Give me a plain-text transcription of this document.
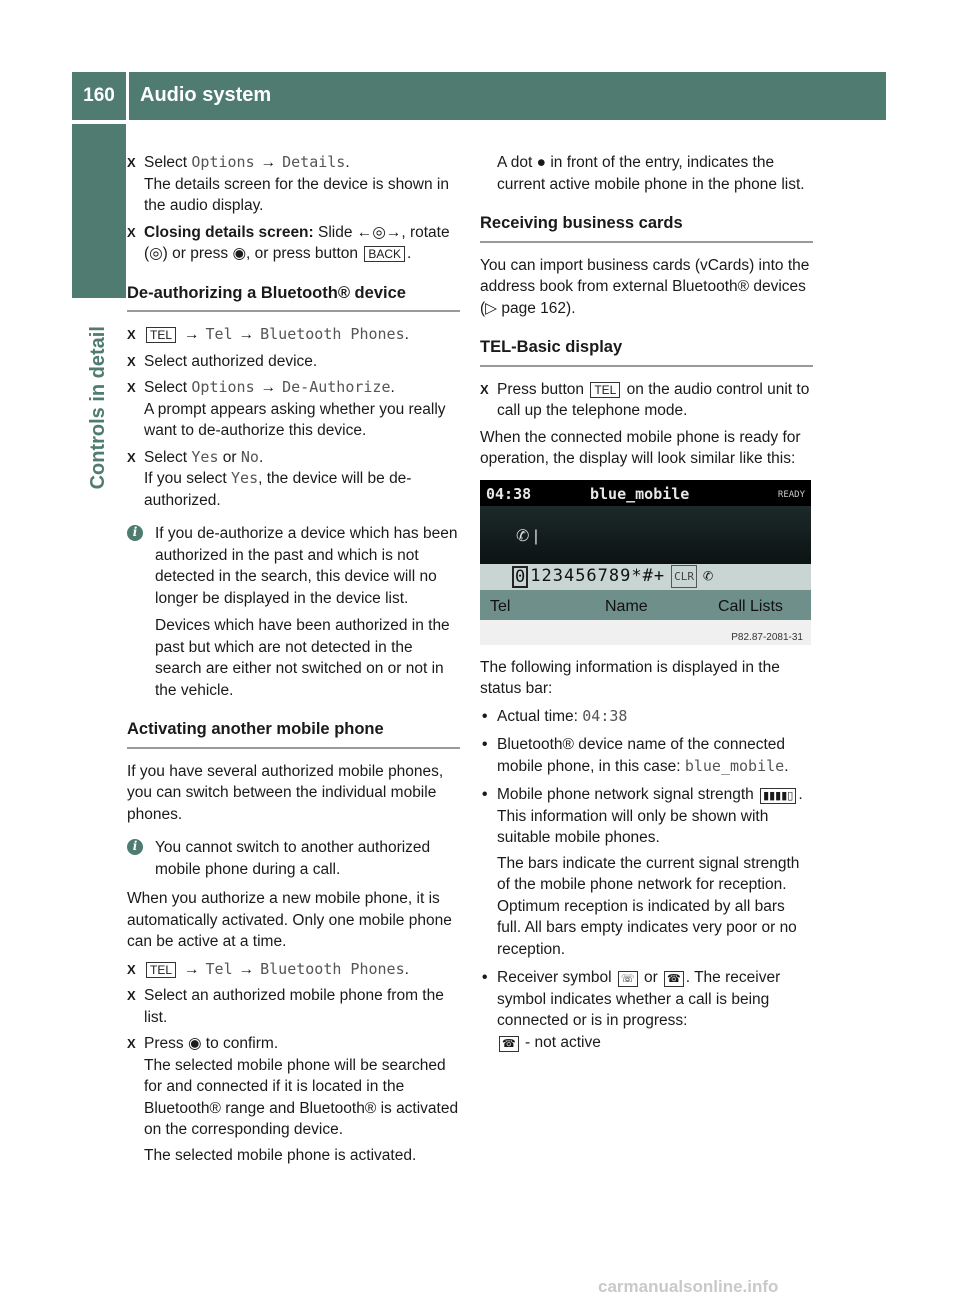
160	Audio system
Controls in detail
X Select Options → Details.
The details screen for the device is shown in the audio display.
X Closing details screen: Slide ←◎→, rotate (◎) or press ◉, or press button BACK .
De-authorizing a Bluetooth® device
X TEL → Tel → Bluetooth Phones.
X Select authorized device.
X Select Options → De-Authorize.
A prompt appears asking whether you really want to de-authorize this device.
X Select Yes or No.
If you select Yes, the device will be de-authorized.
i	If you de-authorize a device which has been authorized in the past and which is not detected in the search, this device will no longer be displayed in the device list.

Devices which have been authorized in the past but which are not detected in the search are either not switched on or not in the vehicle.

Activating another mobile phone

If you have several authorized mobile phones, you can switch between the individual mobile phones.

i	You cannot switch to another authorized mobile phone during a call.

When you authorize a new mobile phone, it is automatically activated. Only one mobile phone can be active at a time.

X TEL → Tel → Bluetooth Phones.
X Select an authorized mobile phone from the list.
X Press ◉ to confirm.
The selected mobile phone will be searched for and connected if it is located in the Bluetooth® range and Bluetooth® is activated on the corresponding device.

The selected mobile phone is activated.

A dot ● in front of the entry, indicates the current active mobile phone in the phone list.

Receiving business cards

You can import business cards (vCards) into the address book from external Bluetooth® devices (▷ page 162).

TEL-Basic display
X Press button TEL on the audio control unit to call up the telephone mode.

When the connected mobile phone is ready for operation, the display will look similar like this:

04:38	blue_mobile	READY
✆ |
0 123456789*#+ CLR ✆
Tel	Name	Call Lists
P82.87-2081-31

The following information is displayed in the status bar:

• Actual time: 04:38
• Bluetooth® device name of the connected mobile phone, in this case: blue_mobile.
• Mobile phone network signal strength ▮▮▮▮▯ . This information will only be shown with suitable mobile phones.

The bars indicate the current signal strength of the mobile phone network for reception. Optimum reception is indicated by all bars full. All bars empty indicates very poor or no reception.

• Receiver symbol ☏ or ☎ . The receiver symbol indicates whether a call is being connected or is in progress:
☎ - not active
carmanualsonline.info
